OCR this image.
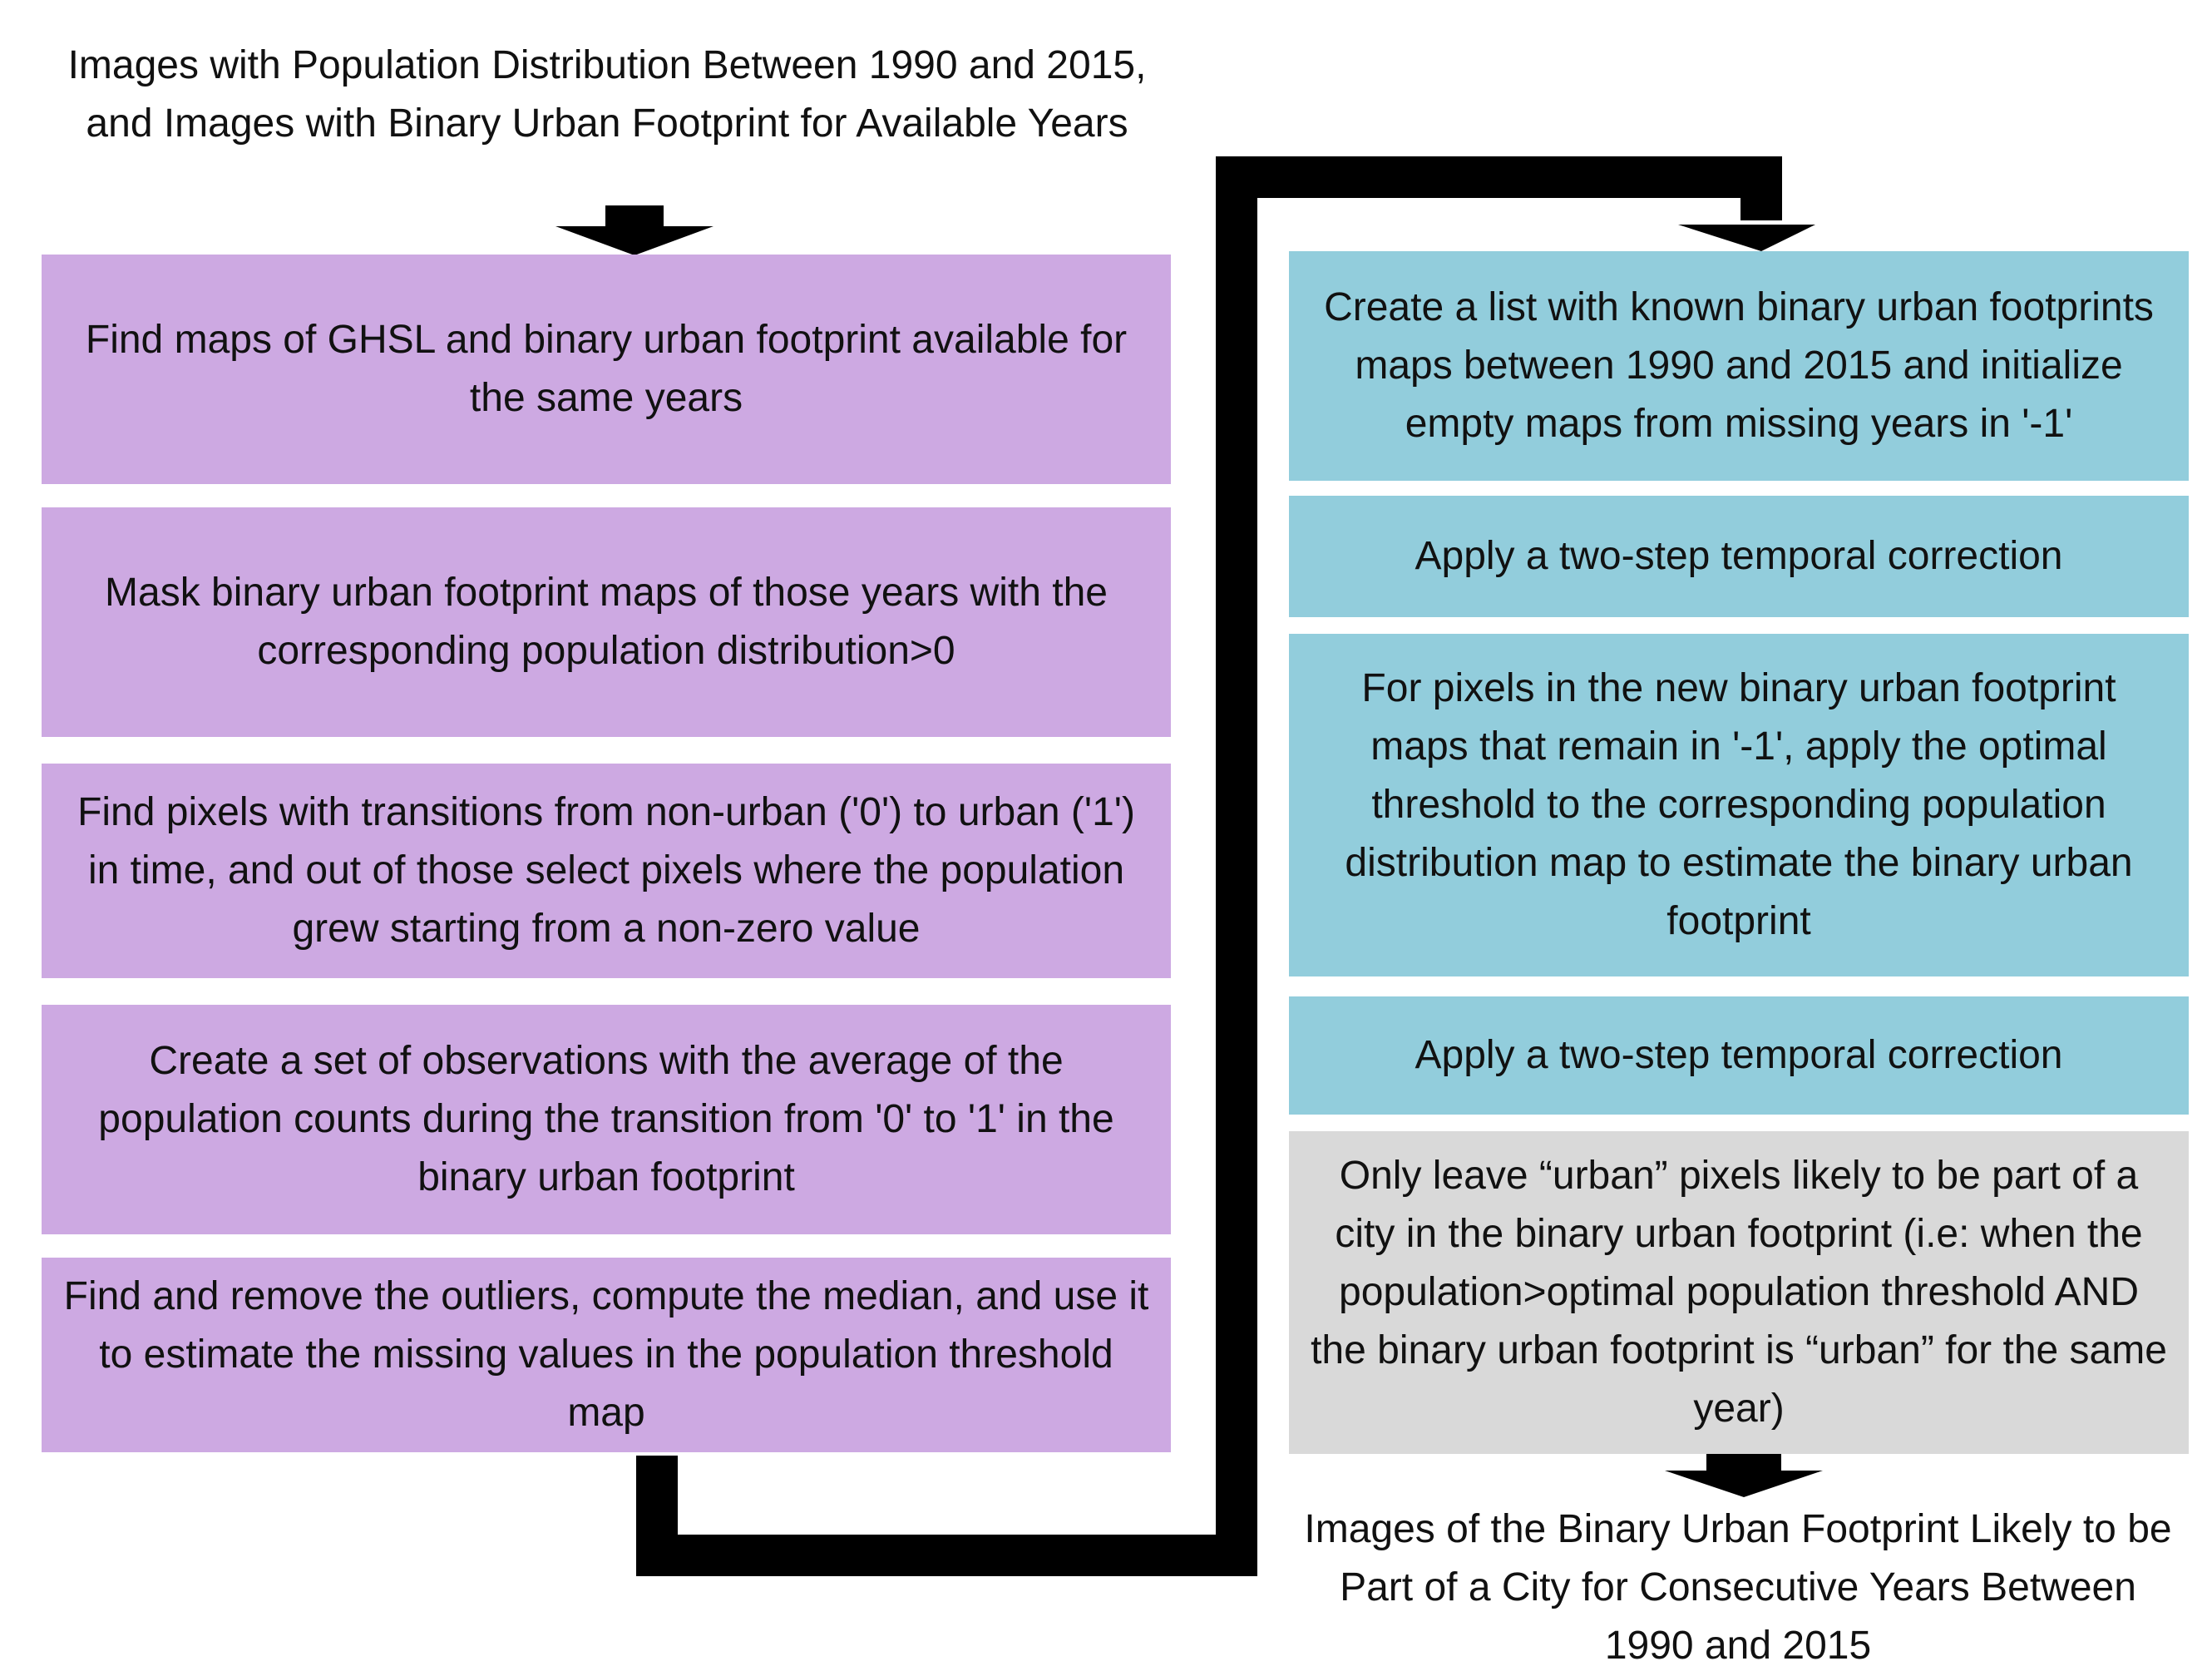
Images with Population Distribution Between 1990 and 2015, and Images with Binary Urban Footprint for Available Years
Find maps of GHSL and binary urban footprint available for the same years
Mask binary urban footprint maps of those years with the corresponding population distribution>0
Find pixels with transitions from non-urban ('0') to urban ('1') in time, and out of those select pixels where the population grew starting from a non-zero value
Create a set of observations with the average of the population counts during the transition from '0' to '1' in the binary urban footprint
Find and remove the outliers, compute the median, and use it to estimate the missing values in the population threshold map
Create a list with known binary urban footprints maps between 1990 and 2015 and initialize empty maps from missing years in '-1'
Apply a two-step temporal correction
For pixels in the new binary urban footprint maps that remain in '-1', apply the optimal threshold to the corresponding population distribution map to estimate the binary urban footprint
Apply a two-step temporal correction
Only leave “urban” pixels likely to be part of a city in the binary urban footprint (i.e: when the population>optimal population threshold AND the binary urban footprint is “urban” for the same year)
Images of the Binary Urban Footprint Likely to be Part of a City for Consecutive Years Between 1990 and 2015
